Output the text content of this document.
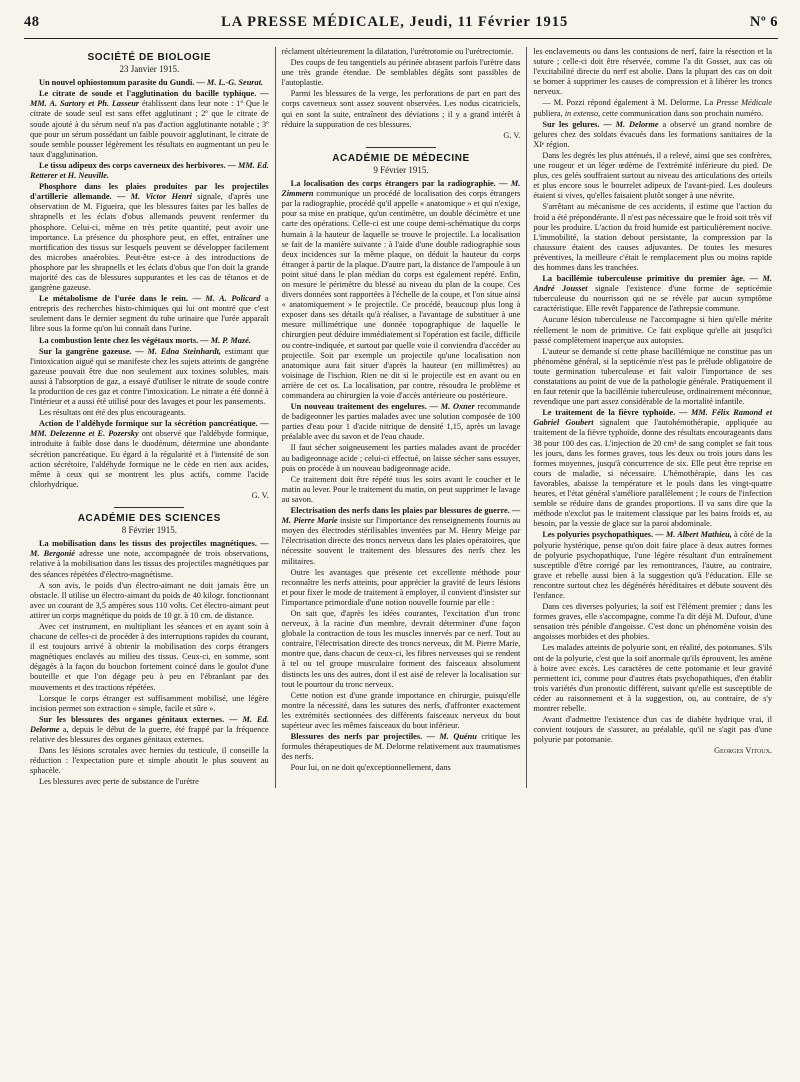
48	LA PRESSE MÉDICALE, Jeudi, 11 Février 1915	Nº 6
SOCIÉTÉ DE BIOLOGIE
23 Janvier 1915.

Un nouvel ophiostomum parasite du Gundi. — M. L.-G. Seurat.

Le citrate de soude et l'agglutination du bacille typhique. — MM. A. Sartory et Ph. Lasseur établissent dans leur note : 1º Que le citrate de soude seul est sans effet agglutinant ; 2º que le citrate de soude ajouté à du sérum neuf n'a pas d'action agglutinante notable ; 3º que pour un sérum possédant un faible pouvoir agglutinant, le citrate de soude semble pousser légèrement les résultats en augmentant un peu le taux d'agglutination.

Le tissu adipeux des corps caverneux des herbivores. — MM. Ed. Retterer et H. Neuville.

Phosphore dans les plaies produites par les projectiles d'artillerie allemande. — M. Victor Henri signale, d'après une observation de M. Figueira, que les blessures faites par les balles de shrapnells et les éclats d'obus allemands peuvent renfermer du phosphore. Celui-ci, même en très petite quantité, peut avoir une importance. La présence du phosphore peut, en effet, entraîner une mortification des tissus sur lesquels peuvent se développer facilement des microbes anaérobies. Peut-être est-ce à des introductions de phosphore par les shrapnells et les éclats d'obus que l'on doit la grande majorité des cas de blessures suppurantes et les cas de tétanos et de gangrène gazeuse.

Le métabolisme de l'urée dans le rein. — M. A. Policard a entrepris des recherches histo-chimiques qui lui ont montré que c'est seulement dans le dernier segment du tube urinaire que l'urée apparaît libre sous la forme qu'on lui connaît dans l'urine.

La combustion lente chez les végétaux morts. — M. P. Mazé.

Sur la gangrène gazeuse. — M. Edna Steinhardt, estimant que l'intoxication aiguë qui se manifeste chez les sujets atteints de gangrène gazeuse pouvait être due non seulement aux toxines solubles, mais aussi à l'absorption de gaz, a essayé d'utiliser le nitrate de soude contre la production de ces gaz et contre l'intoxication. Le nitrate a été donné à l'intérieur et a aussi été utilisé pour des lavages et pour les pansements.

Les résultats ont été des plus encourageants.

Action de l'aldéhyde formique sur la sécrétion pancréatique. — MM. Delezenne et E. Pozersky ont observé que l'aldéhyde formique, introduite à faible dose dans le duodénum, détermine une abondante sécrétion pancréatique. Eu égard à la régularité et à l'intensité de son action sécrétoire, l'aldéhyde formique ne le cède en rien aux acides, même à ceux qui se montrent les plus actifs, comme l'acide chlorhydrique.

G. V.
ACADÉMIE DES SCIENCES
8 Février 1915.

La mobilisation dans les tissus des projectiles magnétiques. — M. Bergonié adresse une note, accompagnée de trois observations, relative à la mobilisation dans les tissus des projectiles magnétiques par des séances répétées d'électro-magnétisme.

A son avis, le poids d'un électro-aimant ne doit jamais être un obstacle. Il utilise un électro-aimant du poids de 40 kilogr. fonctionnant avec un courant de 3,5 ampères sous 110 volts. Cet électro-aimant peut attirer un corps magnétique du poids de 10 gr. à 10 cm. de distance.

Avec cet instrument, en multipliant les séances et en ayant soin à chacune de celles-ci de procéder à des interruptions rapides du courant, il est toujours arrivé à obtenir la mobilisation des corps étrangers magnétiques enclavés au milieu des tissus. Ceux-ci, en somme, sont dégagés à la façon du bouchon fortement coincé dans le goulot d'une bouteille et que l'on dégage peu à peu en l'ébranlant par des mouvements et des tractions répétées.

Lorsque le corps étranger est suffisamment mobilisé, une légère incision permet son extraction « simple, facile et sûre ».

Sur les blessures des organes génitaux externes. — M. Ed. Delorme a, depuis le début de la guerre, été frappé par la fréquence relative des blessures des organes génitaux externes.

Dans les lésions scrotales avec hernies du testicule, il conseille la réduction : l'expectation pure et simple aboutit le plus souvent au sphacèle.

Les blessures avec perte de substance de l'urètre

réclament ultérieurement la dilatation, l'urétrotomie ou l'urétrectomie.

Des coups de feu tangentiels au périnée abrasent parfois l'urètre dans une très grande étendue. De semblables dégâts sont passibles de l'autoplastie.

Parmi les blessures de la verge, les perforations de part en part des corps caverneux sont assez souvent observées. Les nodus cicatriciels, qui en sont la suite, entraînent des déviations ; il y a grand intérêt à réduire la suppuration de ces blessures.

G. V.
ACADÉMIE DE MÉDECINE
9 Février 1915.

La localisation des corps étrangers par la radiographie. — M. Zimmern communique un procédé de localisation des corps étrangers par la radiographie, procédé qu'il appelle « anatomique » et qui n'exige, pour sa mise en pratique, qu'un centimètre, un double décimètre et une carte des opérations. Celle-ci est une coupe demi-schématique du corps humain à la hauteur de laquelle se trouve le projectile. La localisation se fait de la manière suivante : à l'aide d'une double radiographie sous deux incidences sur la même plaque, on déduit la hauteur du corps étranger à partir de la plaque. D'autre part, la distance de l'ampoule à un point situé dans le plan médian du corps est également repéré. Enfin, on mesure le périmètre du blessé au niveau du plan de la coupe. Ces divers données sont rapportées à l'échelle de la coupe, et l'on situe ainsi « anatomiquement » le projectile. Ce procédé, beaucoup plus long à exposer dans ses détails qu'à réaliser, a l'avantage de substituer à une mesure millimétrique une donnée topographique de laquelle le chirurgien peut déduire immédiatement si l'opération est facile, difficile ou contre-indiquée, et surtout par quelle voie il conviendra d'accéder au projectile. Soit par exemple un projectile qu'une localisation non anatomique aura fait situer d'après la hauteur (en millimètres) au voisinage de l'ischion. Rien ne dit si le projectile est en avant ou en arrière de cet os. La localisation, par contre, résoudra le problème et commandera au chirurgien la voie d'accès antérieure ou postérieure.

Un nouveau traitement des engelures. — M. Oxner recommande de badigeonner les parties malades avec une solution composée de 100 parties d'eau pour 1 d'acide nitrique de densité 1,15, après un lavage préalable avec du savon et de l'eau chaude.

Il faut sécher soigneusement les parties malades avant de procéder au badigeonnage acide ; celui-ci effectué, on laisse sécher sans essuyer, puis on procède à un nouveau badigeonnage acide.

Ce traitement doit être répété tous les soirs avant le coucher et le matin au lever. Pour le traitement du matin, on peut supprimer le lavage au savon.

Electrisation des nerfs dans les plaies par blessures de guerre. — M. Pierre Marie insiste sur l'importance des renseignements fournis au moyen des électrodes stérilisables inventées par M. Henry Meige par l'électrisation directe des troncs nerveux dans les plaies opératoires, que nécessite souvent le traitement des blessures des nerfs chez les militaires.

Outre les avantages que présente cet excellente méthode pour reconnaître les nerfs atteints, pour apprécier la gravité de leurs lésions et pour fixer le mode de traitement à employer, il convient d'insister sur l'importance primordiale d'une notion nouvelle fournie par elle :

On sait que, d'après les idées courantes, l'excitation d'un tronc nerveux, à la racine d'un membre, devrait déterminer d'une façon globale la contraction de tous les muscles innervés par ce nerf. Tout au contraire, l'électrisation directe des troncs nerveux, dit M. Pierre Marie, montre que, dans chacun de ceux-ci, les fibres nerveuses qui se rendent à tel ou tel groupe musculaire forment des faisceaux absolument distincts les uns des autres, dont il est aisé de relever la localisation sur tout le pourtour du tronc nerveux.

Cette notion est d'une grande importance en chirurgie, puisqu'elle montre la nécessité, dans les sutures des nerfs, d'affronter exactement les extrémités sectionnées des différents faisceaux nerveux du bout supérieur avec les mêmes faisceaux du bout inférieur.

Blessures des nerfs par projectiles. — M. Quénu critique les formules thérapeutiques de M. Delorme relativement aux traumatismes des nerfs.

Pour lui, on ne doit qu'exceptionnellement, dans

les enclavements ou dans les contusions de nerf, faire la résection et la suture ; celle-ci doit être réservée, comme l'a dit Gosset, aux cas où l'excitabilité directe du nerf est abolie. Dans la plupart des cas on doit se borner à supprimer les causes de compression et à libérer les troncs nerveux.

— M. Pozzi répond également à M. Delorme. La Presse Médicale publiera, in extenso, cette communication dans son prochain numéro.

Sur les gelures. — M. Delorme a observé un grand nombre de gelures chez des soldats évacués dans les formations sanitaires de la XIᵉ région.

Dans les degrés les plus atténués, il a relevé, ainsi que ses confrères, une rougeur et un léger œdème de l'extrémité inférieure du pied. De plus, ces gelés souffraient surtout au niveau des articulations des orteils et plus encore sous le bourrelet adipeux de l'avant-pied. Les douleurs étaient si vives, qu'elles faisaient plutôt songer à une névrite.

S'arrêtant au mécanisme de ces accidents, il estime que l'action du froid a été prépondérante. Il n'est pas nécessaire que le froid soit très vif pour les produire. L'action du froid humide est particulièrement nocive. L'immobilité, la station debout persistante, la compression par la chaussure étaient des causes adjuvantes. De toutes les mesures préventives, la meilleure c'était le remplacement plus ou moins rapide des hommes dans les tranchées.

La bacillémie tuberculeuse primitive du premier âge. — M. André Jousset signale l'existence d'une forme de septicémie tuberculeuse du nourrisson qui ne se révèle par aucun symptôme caractéristique. Elle revêt l'apparence de l'athrepsie commune.

Aucune lésion tuberculeuse ne l'accompagne si bien qu'elle mérite réellement le nom de primitive. Ce fait explique qu'elle ait jusqu'ici passé complètement inaperçue aux autopsies.

L'auteur se demande si cette phase bacillémique ne constitue pas un phénomène général, si la septicémie n'est pas le prélude obligatoire de toute germination tuberculeuse et fait valoir l'importance de ses constatations au point de vue de la pathologie générale. Pratiquement il en faut retenir que la bacillémie tuberculeuse, ordinairement méconnue, revendique une part assez considérable de la mortalité infantile.

Le traitement de la fièvre typhoïde. — MM. Félix Ramond et Gabriel Goubert signalent que l'autohémothérapie, appliquée au traitement de la fièvre typhoïde, donne des résultats encourageants dans 38 pour 100 des cas. L'injection de 20 cm³ de sang complet se fait tous les jours, dans les formes graves, tous les deux ou trois jours dans les formes moyennes, jusqu'à concurrence de six. Elle peut être reprise en cours de maladie, si nécessaire. L'hémothérapie, dans les cas favorables, abaisse la température et le pouls dans les vingt-quatre heures, et l'état général s'améliore parallèlement ; le cours de l'infection semble se réduire dans de grandes proportions. Il va sans dire que la méthode n'exclut pas le traitement classique par les bains froids et, au besoin, par la vessie de glace sur la paroi abdominale.

Les polyuries psychopathiques. — M. Albert Mathieu, à côté de la polyurie hystérique, pense qu'on doit faire place à deux autres formes de polyurie psychopathique, l'une légère résultant d'un entraînement susceptible d'être corrigé par les remontrances, l'autre, au contraire, grave et rebelle aussi bien à la suggestion qu'à l'éducation. Elle se rencontre surtout chez les dégénérés héréditaires et débute souvent dès l'enfance.

Dans ces diverses polyuries, la soif est l'élément premier ; dans les formes graves, elle s'accompagne, comme l'a dit déjà M. Dufour, d'une sensation très pénible d'angoisse. C'est donc un phénomène voisin des angoisses morbides et des phobies.

Les malades atteints de polyurie sont, en réalité, des potomanes. S'ils ont de la polyurie, c'est que la soif anormale qu'ils éprouvent, les amène à boire avec excès. Les caractères de cette potomanie et leur gravité permettent ici, comme pour d'autres états psychopathiques, d'en établir trois variétés d'un pronostic différent, suivant qu'elle est susceptible de céder au raisonnement et à la suggestion, ou, au contraire, de s'y montrer rebelle.

Avant d'admettre l'existence d'un cas de diabète hydrique vrai, il convient toujours de s'assurer, au préalable, qu'il ne s'agit pas d'une polyurie par potomanie.

Georges Vitoux.
